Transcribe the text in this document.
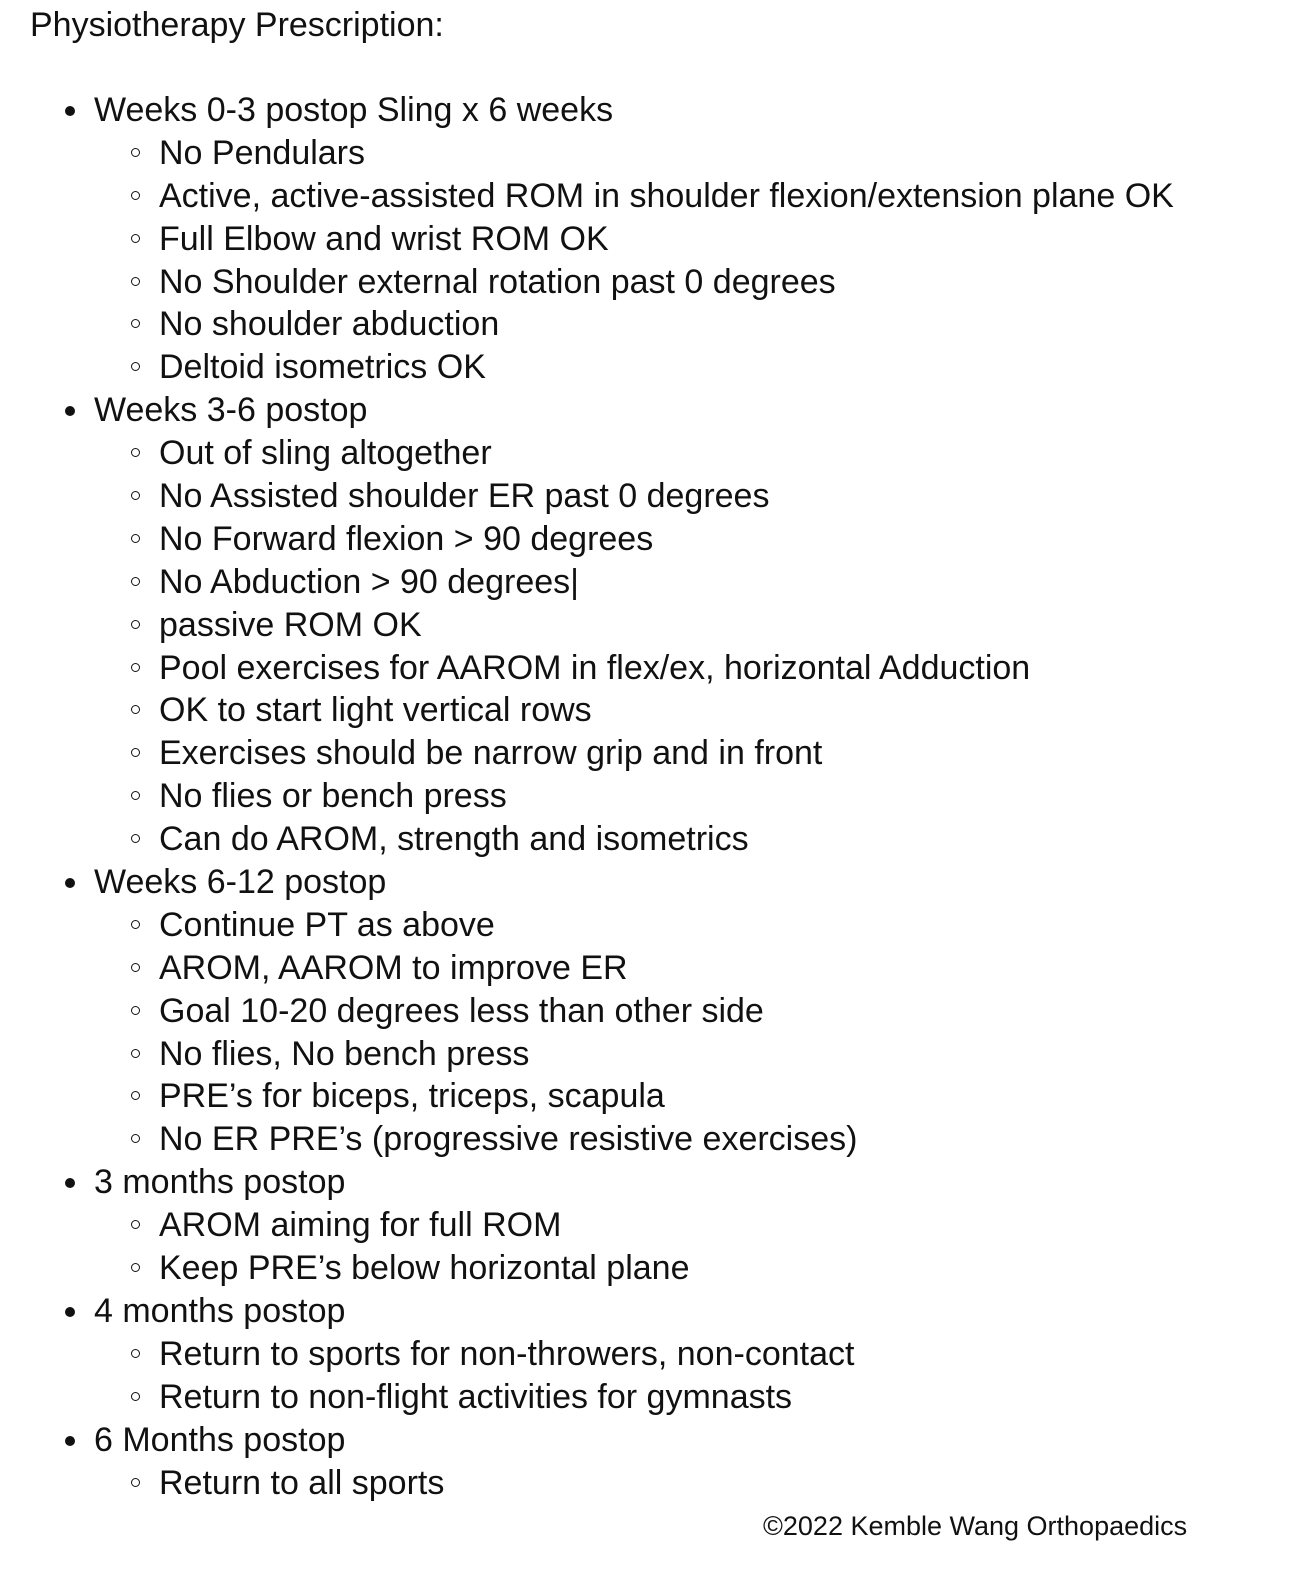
Physiotherapy Prescription:
Weeks 0-3 postop Sling x 6 weeks
No Pendulars
Active, active-assisted ROM in shoulder flexion/extension plane OK
Full Elbow and wrist ROM OK
No Shoulder external rotation past 0 degrees
No shoulder abduction
Deltoid isometrics OK
Weeks 3-6 postop
Out of sling altogether
No Assisted shoulder ER past 0 degrees
No Forward flexion > 90 degrees
No Abduction > 90 degrees|
passive ROM OK
Pool exercises for AAROM in flex/ex, horizontal Adduction
OK to start light vertical rows
Exercises should be narrow grip and in front
No flies or bench press
Can do AROM, strength and isometrics
Weeks 6-12 postop
Continue PT as above
AROM, AAROM to improve ER
Goal 10-20 degrees less than other side
No flies, No bench press
PRE’s for biceps, triceps, scapula
No ER PRE’s (progressive resistive exercises)
3 months postop
AROM aiming for full ROM
Keep PRE’s below horizontal plane
4 months postop
Return to sports for non-throwers, non-contact
Return to non-flight activities for gymnasts
6 Months postop
Return to all sports
©2022 Kemble Wang Orthopaedics
